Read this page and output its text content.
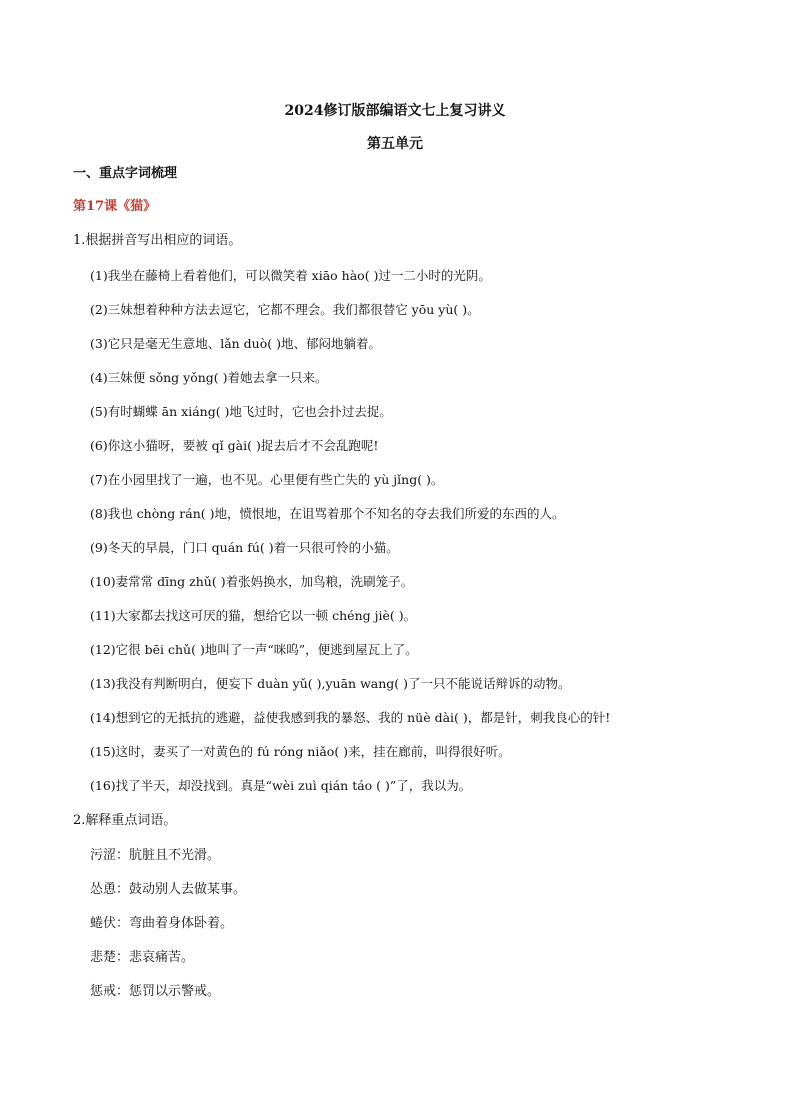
2024修订版部编语文七上复习讲义
第五单元
一、重点字词梳理
第17课《猫》
1.根据拼音写出相应的词语。
(1)我坐在藤椅上看着他们，可以微笑着 xiāo hào( )过一二小时的光阴。
(2)三妹想着种种方法去逗它，它都不理会。我们都很替它 yōu yù( )。
(3)它只是毫无生意地、lǎn duò( )地、郁闷地躺着。
(4)三妹便 sǒng yǒng( )着她去拿一只来。
(5)有时蝴蝶 ān xiáng( )地飞过时，它也会扑过去捉。
(6)你这小猫呀，要被 qǐ gài( )捉去后才不会乱跑呢!
(7)在小园里找了一遍，也不见。心里便有些亡失的 yù jǐng( )。
(8)我也 chòng rán( )地，愤恨地，在诅骂着那个不知名的夺去我们所爱的东西的人。
(9)冬天的早晨，门口 quán fú( )着一只很可怜的小猫。
(10)妻常常 dīng zhǔ( )着张妈换水，加鸟粮，洗刷笼子。
(11)大家都去找这可厌的猫，想给它以一顿 chéng jiè( )。
(12)它很 bēi chǔ( )地叫了一声“咪呜”，便逃到屋瓦上了。
(13)我没有判断明白，便妄下 duàn yǔ( ),yuān wang( )了一只不能说话辩诉的动物。
(14)想到它的无抵抗的逃避，益使我感到我的暴怒、我的 nüè dài( )，都是针，刺我良心的针!
(15)这时，妻买了一对黄色的 fú róng niǎo( )来，挂在廊前，叫得很好听。
(16)找了半天，却没找到。真是“wèi zuì qián táo ( )”了，我以为。
2.解释重点词语。
污涩：肮脏且不光滑。
怂恿：鼓动别人去做某事。
蜷伏：弯曲着身体卧着。
悲楚：悲哀痛苦。
惩戒：惩罚以示警戒。
